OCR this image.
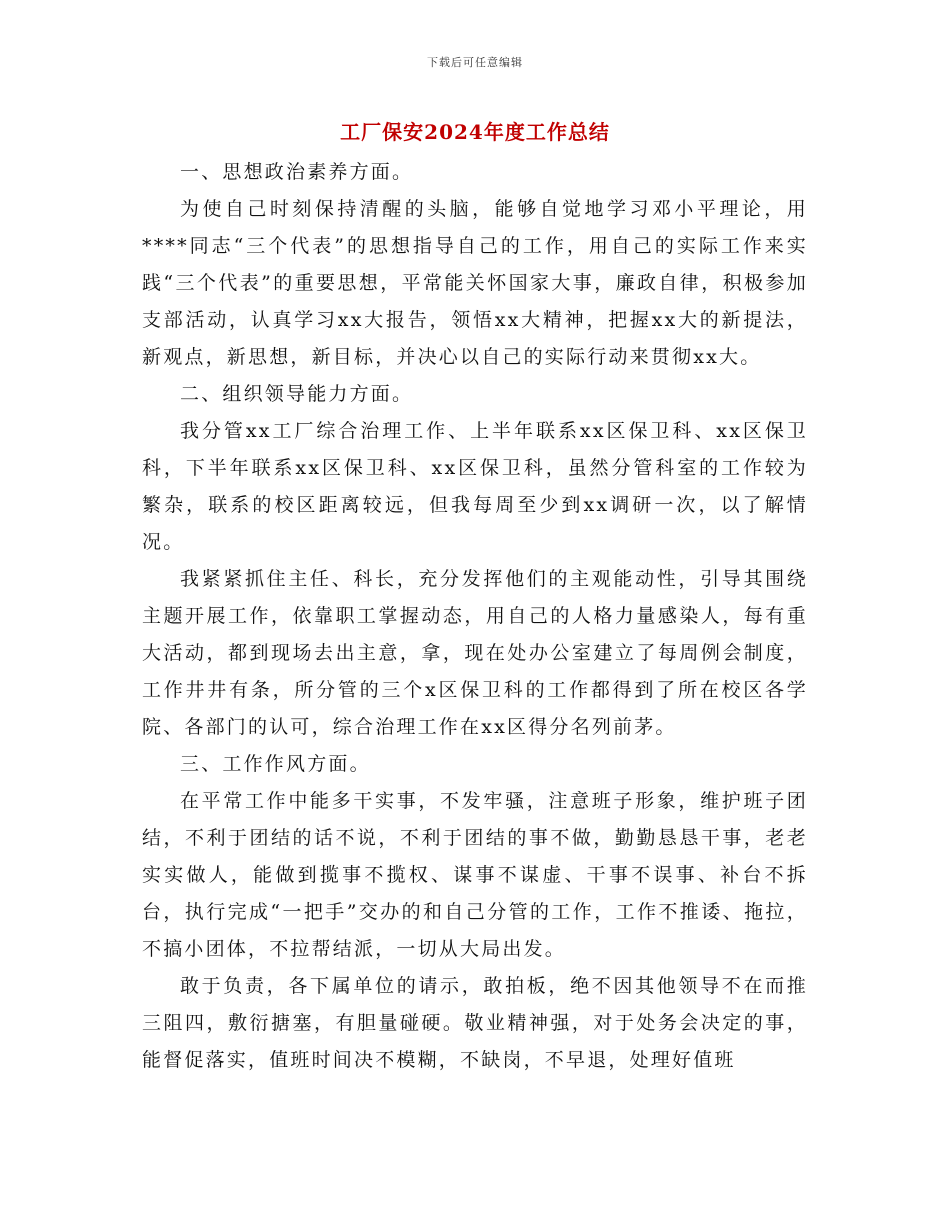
下载后可任意编辑
工厂保安2024年度工作总结

一、思想政治素养方面。

为使自己时刻保持清醒的头脑，能够自觉地学习邓小平理论，用****同志“三个代表”的思想指导自己的工作，用自己的实际工作来实践“三个代表”的重要思想，平常能关怀国家大事，廉政自律，积极参加支部活动，认真学习xx大报告，领悟xx大精神，把握xx大的新提法，新观点，新思想，新目标，并决心以自己的实际行动来贯彻xx大。

二、组织领导能力方面。

我分管xx工厂综合治理工作、上半年联系xx区保卫科、xx区保卫科，下半年联系xx区保卫科、xx区保卫科，虽然分管科室的工作较为繁杂，联系的校区距离较远，但我每周至少到xx调研一次，以了解情况。

我紧紧抓住主任、科长，充分发挥他们的主观能动性，引导其围绕主题开展工作，依靠职工掌握动态，用自己的人格力量感染人，每有重大活动，都到现场去出主意，拿，现在处办公室建立了每周例会制度，工作井井有条，所分管的三个x区保卫科的工作都得到了所在校区各学院、各部门的认可，综合治理工作在xx区得分名列前茅。

三、工作作风方面。

在平常工作中能多干实事，不发牢骚，注意班子形象，维护班子团结，不利于团结的话不说，不利于团结的事不做，勤勤恳恳干事，老老实实做人，能做到揽事不揽权、谋事不谋虚、干事不误事、补台不拆台，执行完成“一把手”交办的和自己分管的工作，工作不推诿、拖拉，不搞小团体，不拉帮结派，一切从大局出发。

敢于负责，各下属单位的请示，敢拍板，绝不因其他领导不在而推三阻四，敷衍搪塞，有胆量碰硬。敬业精神强，对于处务会决定的事，能督促落实，值班时间决不模糊，不缺岗，不早退，处理好值班
